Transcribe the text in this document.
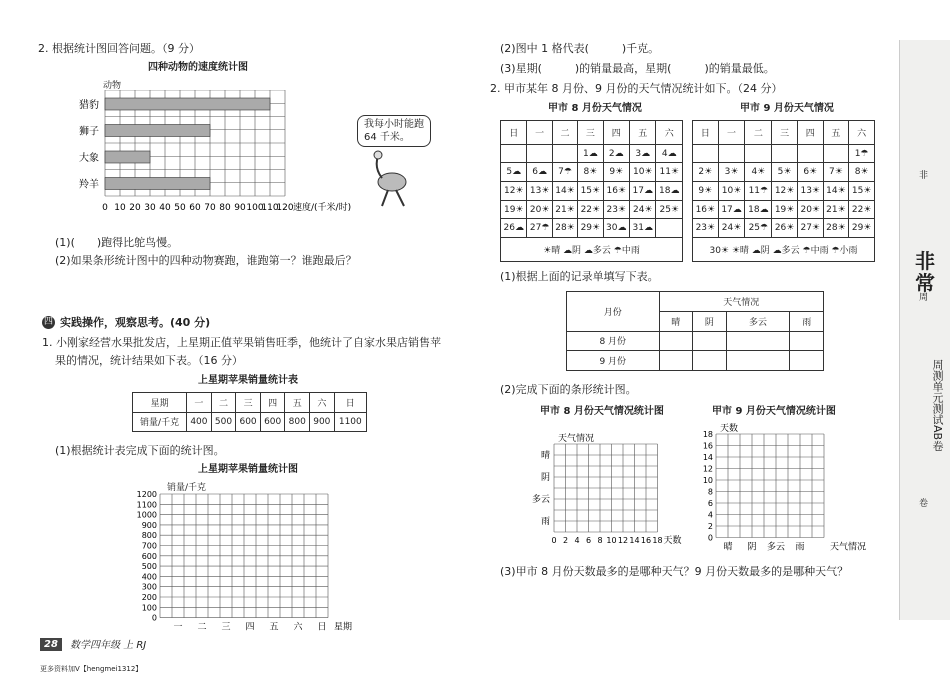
2. 根据统计图回答问题。（9 分）
四种动物的速度统计图
动物
猎豹
狮子
大象
羚羊
0 10 20 30 40 50 60 70 80 90 100
110
120 速度/(千米/时)
我每小时能跑 64 千米。
(1)(　　)跑得比鸵鸟慢。
(2)如果条形统计图中的四种动物赛跑，谁跑第一？谁跑最后？
四 实践操作，观察思考。(40 分)
1. 小刚家经营水果批发店，上星期正值苹果销售旺季，他统计了自家水果店销售苹
果的情况，统计结果如下表。（16 分）
上星期苹果销量统计表
星期	一	二	三	四	五	六	日
销量/千克	400	500	600	600	800	900	1100
(1)根据统计表完成下面的统计图。
上星期苹果销量统计图
销量/千克
1200
1100
1000
900
800
700
600
500
400
300
200
100
0
一 二 三 四 五 六 日 星期
28	数学四年级 上 RJ
更多资料加V【hengmei1312】
(2)图中 1 格代表(　　　)千克。
(3)星期(　　　)的销量最高，星期(　　　)的销量最低。
2. 甲市某年 8 月份、9 月份的天气情况统计如下。（24 分）
甲市 8 月份天气情况	甲市 9 月份天气情况
日	一	二	三	四	五	六
			1☁	2☁	3☁	4☁
5☁	6☁	7☂	8☀	9☀	10☀	11☀
12☀	13☀	14☀	15☀	16☀	17☁	18☁
19☀	20☀	21☀	22☀	23☀	24☀	25☀
26☁	27☂	28☀	29☀	30☁	31☁	
☀晴 ☁阴 ☁多云 ☂中雨						
日	一	二	三	四	五	六
						1☂
2☀	3☀	4☀	5☀	6☀	7☀	8☀
9☀	10☀	11☂	12☀	13☀	14☀	15☀
16☀	17☁	18☁	19☀	20☀	21☀	22☀
23☀	24☀	25☂	26☀	27☀	28☀	29☀
30☀ ☀晴 ☁阴 ☁多云 ☂中雨 ☂小雨						
(1)根据上面的记录单填写下表。
月份	天气情况			
	晴	阴	多云	雨
8 月份				
9 月份				
(2)完成下面的条形统计图。
甲市 8 月份天气情况统计图	甲市 9 月份天气情况统计图
天气情况
晴
阴
多云
雨
0 2 4 6 8 10 12 14 16 18 天数
天数
18
16
14
12
10
8
6
4
2
0
晴 阴 多云 雨	天气情况
(3)甲市 8 月份天数最多的是哪种天气？9 月份天数最多的是哪种天气？
非常
周测单元测试AB卷
非
周
卷
